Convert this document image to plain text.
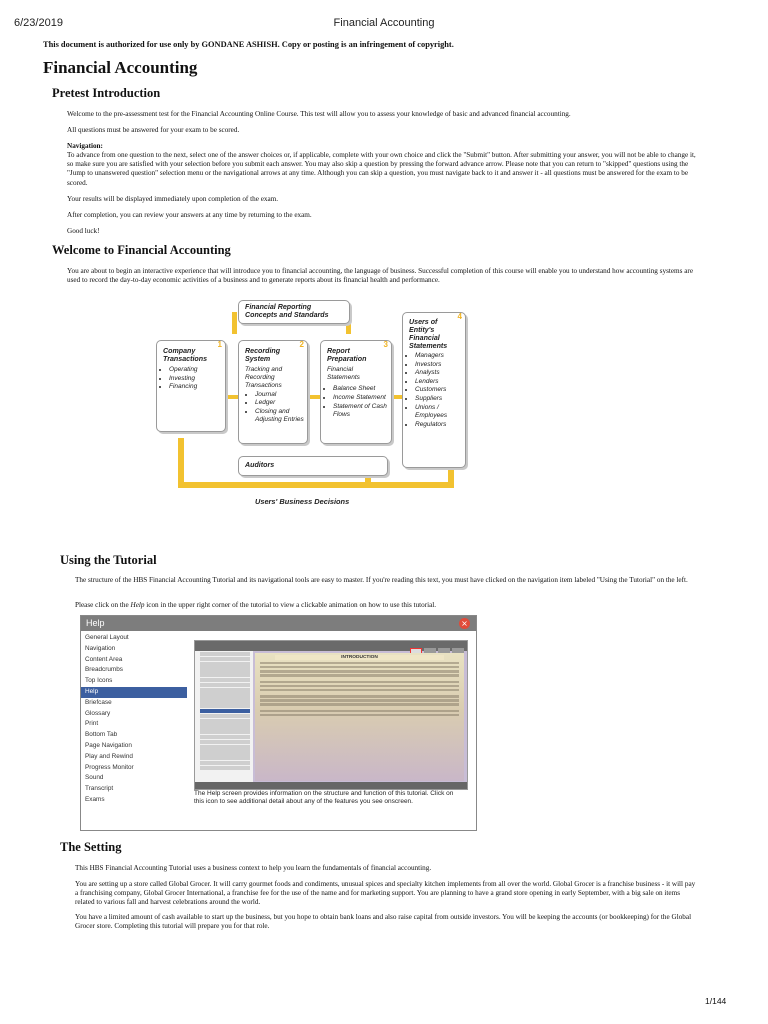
6/23/2019	Financial Accounting
This document is authorized for use only by GONDANE ASHISH. Copy or posting is an infringement of copyright.
Financial Accounting
Pretest Introduction

Welcome to the pre-assessment test for the Financial Accounting Online Course. This test will allow you to assess your knowledge of basic and advanced financial accounting.

All questions must be answered for your exam to be scored.

Navigation:

To advance from one question to the next, select one of the answer choices or, if applicable, complete with your own choice and click the "Submit" button. After submitting your answer, you will not be able to change it, so make sure you are satisfied with your selection before you submit each answer. You may also skip a question by pressing the forward advance arrow. Please note that you can return to "skipped" questions using the "Jump to unanswered question" selection menu or the navigational arrows at any time. Although you can skip a question, you must navigate back to it and answer it - all questions must be answered for the exam to be scored.

Your results will be displayed immediately upon completion of the exam.

After completion, you can review your answers at any time by returning to the exam.

Good luck!

Welcome to Financial Accounting

You are about to begin an interactive experience that will introduce you to financial accounting, the language of business. Successful completion of this course will enable you to understand how accounting systems are used to record the day-to-day economic activities of a business and to generate reports about its financial health and performance.

Financial Reporting Concepts and Standards
1
Company Transactions
• Operating
• Investing
• Financing
2
Recording System
Tracking and Recording Transactions
• Journal
• Ledger
• Closing and Adjusting Entries
3
Report Preparation
Financial Statements
• Balance Sheet
• Income Statement
• Statement of Cash Flows
4
Users of Entity's Financial Statements
• Managers
• Investors
• Analysts
• Lenders
• Customers
• Suppliers
• Unions / Employees
• Regulators
Auditors
Users' Business Decisions
Using the Tutorial

The structure of the HBS Financial Accounting Tutorial and its navigational tools are easy to master. If you're reading this text, you must have clicked on the navigation item labeled "Using the Tutorial" on the left.

Please click on the Help icon in the upper right corner of the tutorial to view a clickable animation on how to use this tutorial.

Help	×
General Layout
Navigation
Content Area
Breadcrumbs
Top Icons
Help
Briefcase
Glossary
Print
Bottom Tab
Page Navigation
Play and Rewind
Progress Monitor
Sound
Transcript
Exams
INTRODUCTION
The Help screen provides information on the structure and function of this tutorial. Click on this icon to see additional detail about any of the features you see onscreen.
The Setting

This HBS Financial Accounting Tutorial uses a business context to help you learn the fundamentals of financial accounting.

You are setting up a store called Global Grocer. It will carry gourmet foods and condiments, unusual spices and specialty kitchen implements from all over the world. Global Grocer is a franchise business - it will pay a franchising company, Global Grocer International, a franchise fee for the use of the name and for marketing support. You are planning to have a grand store opening in early September, with a big sale on items related to various fall and harvest celebrations around the world.

You have a limited amount of cash available to start up the business, but you hope to obtain bank loans and also raise capital from outside investors. You will be keeping the accounts (or bookkeeping) for the Global Grocer store. Completing this tutorial will prepare you for that role.

1/144
